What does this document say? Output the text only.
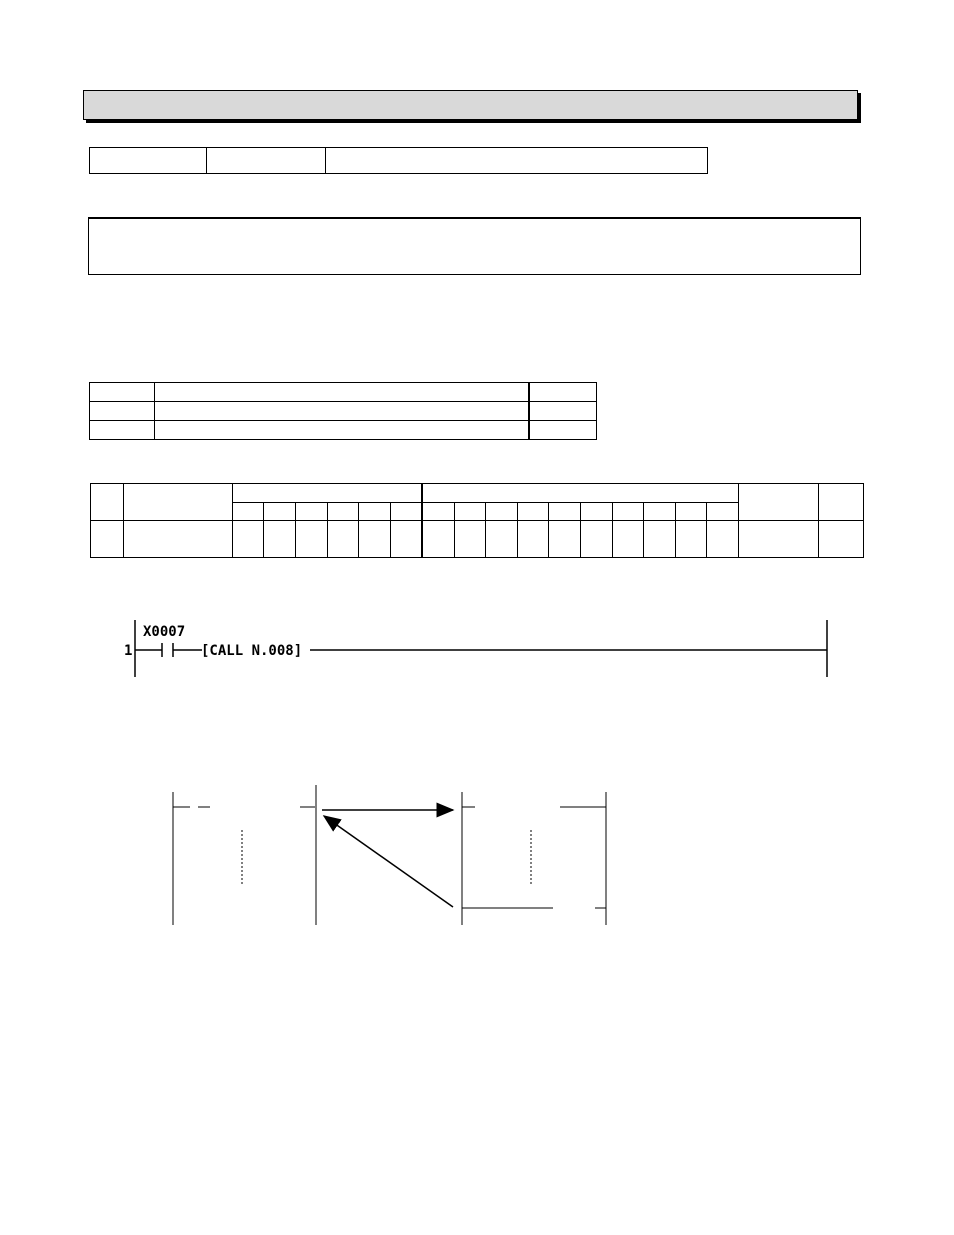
1
X0007
[CALL N.008]
